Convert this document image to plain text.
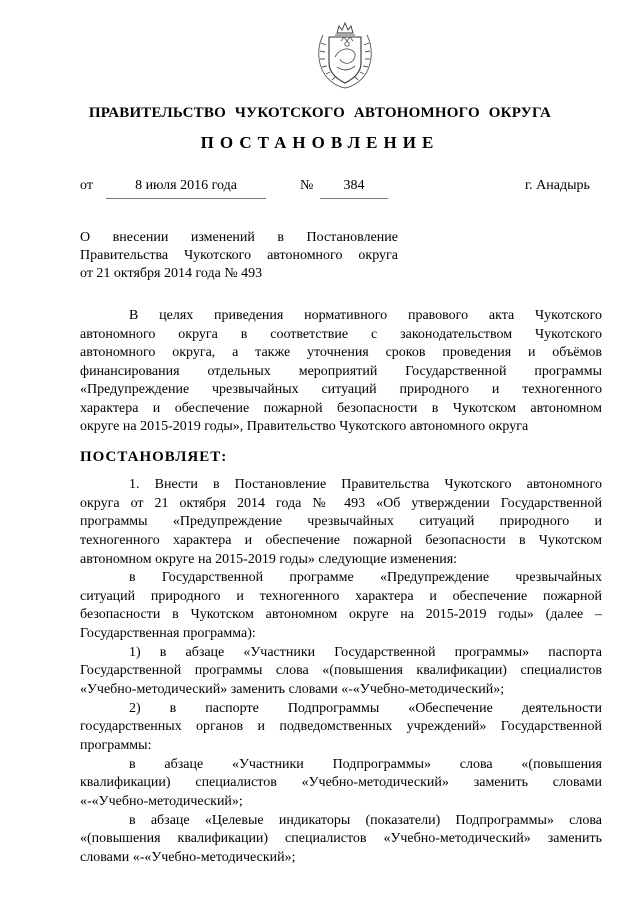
ПРАВИТЕЛЬСТВО ЧУКОТСКОГО АВТОНОМНОГО ОКРУГА
ПОСТАНОВЛЕНИЕ
от	8 июля 2016 года	№	384	г. Анадырь
О внесении изменений в Постановление
Правительства Чукотского автономного округа
от 21 октября 2014 года № 493
В целях приведения нормативного правового акта Чукотского
автономного округа в соответствие с законодательством Чукотского
автономного округа, а также уточнения сроков проведения и объёмов
финансирования отдельных мероприятий Государственной программы
«Предупреждение чрезвычайных ситуаций природного и техногенного
характера и обеспечение пожарной безопасности в Чукотском автономном
округе на 2015-2019 годы», Правительство Чукотского автономного округа
ПОСТАНОВЛЯЕТ:
1. Внести в Постановление Правительства Чукотского автономного
округа от 21 октября 2014 года № 493 «Об утверждении Государственной
программы «Предупреждение чрезвычайных ситуаций природного и
техногенного характера и обеспечение пожарной безопасности в Чукотском
автономном округе на 2015-2019 годы» следующие изменения:
в Государственной программе «Предупреждение чрезвычайных
ситуаций природного и техногенного характера и обеспечение пожарной
безопасности в Чукотском автономном округе на 2015-2019 годы» (далее –
Государственная программа):
1) в абзаце «Участники Государственной программы» паспорта
Государственной программы слова «(повышения квалификации) специалистов
«Учебно-методический» заменить словами «-«Учебно-методический»;
2) в паспорте Подпрограммы «Обеспечение деятельности
государственных органов и подведомственных учреждений» Государственной
программы:
в абзаце «Участники Подпрограммы» слова «(повышения
квалификации) специалистов «Учебно-методический» заменить словами
«-«Учебно-методический»;
в абзаце «Целевые индикаторы (показатели) Подпрограммы» слова
«(повышения квалификации) специалистов «Учебно-методический» заменить
словами «-«Учебно-методический»;
